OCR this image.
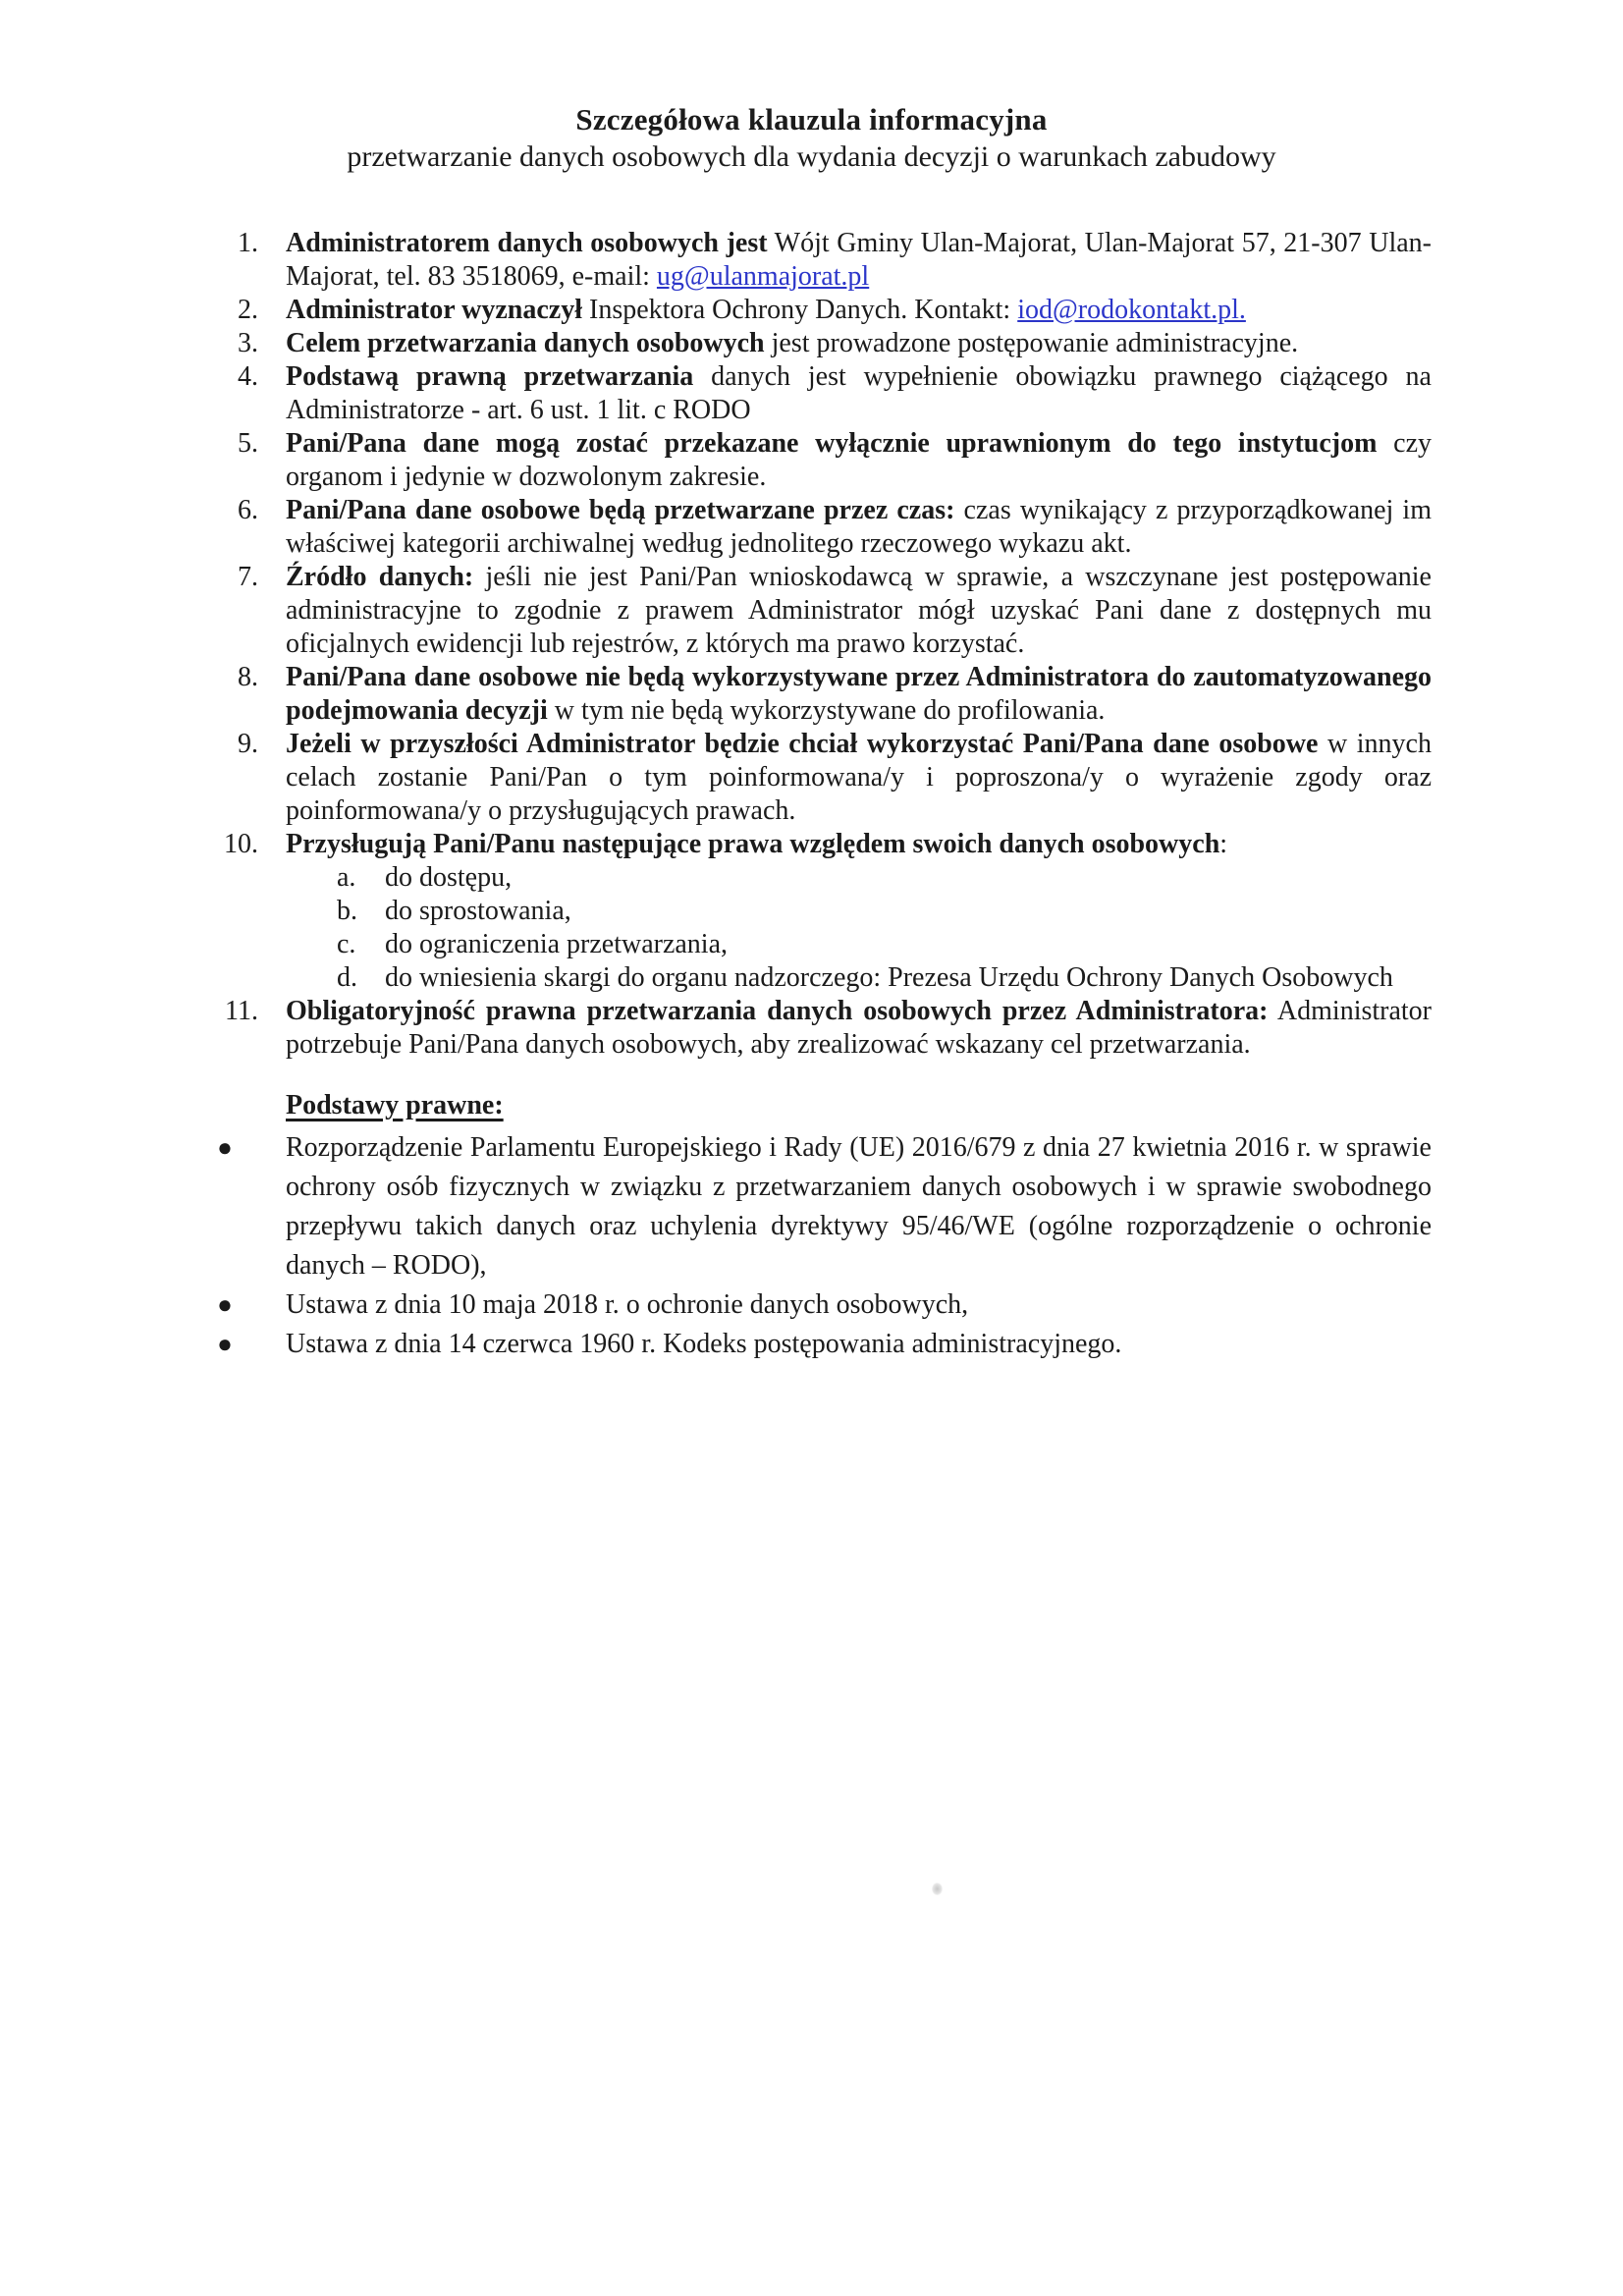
Szczegółowa klauzula informacyjna
przetwarzanie danych osobowych dla wydania decyzji o warunkach zabudowy
1.	Administratorem danych osobowych jest Wójt Gminy Ulan-Majorat, Ulan-Majorat 57, 21-307 Ulan-Majorat, tel. 83 3518069, e-mail: ug@ulanmajorat.pl
2.	Administrator wyznaczył Inspektora Ochrony Danych. Kontakt: iod@rodokontakt.pl.
3.	Celem przetwarzania danych osobowych jest prowadzone postępowanie administracyjne.
4.	Podstawą prawną przetwarzania danych jest wypełnienie obowiązku prawnego ciążącego na Administratorze - art. 6 ust. 1 lit. c RODO
5.	Pani/Pana dane mogą zostać przekazane wyłącznie uprawnionym do tego instytucjom czy organom i jedynie w dozwolonym zakresie.
6.	Pani/Pana dane osobowe będą przetwarzane przez czas: czas wynikający z przyporządkowanej im właściwej kategorii archiwalnej według jednolitego rzeczowego wykazu akt.
7.	Źródło danych: jeśli nie jest Pani/Pan wnioskodawcą w sprawie, a wszczynane jest postępowanie administracyjne to zgodnie z prawem Administrator mógł uzyskać Pani dane z dostępnych mu oficjalnych ewidencji lub rejestrów, z których ma prawo korzystać.
8.	Pani/Pana dane osobowe nie będą wykorzystywane przez Administratora do zautomatyzowanego podejmowania decyzji w tym nie będą wykorzystywane do profilowania.
9.	Jeżeli w przyszłości Administrator będzie chciał wykorzystać Pani/Pana dane osobowe w innych celach zostanie Pani/Pan o tym poinformowana/y i poproszona/y o wyrażenie zgody oraz poinformowana/y o przysługujących prawach.
10.	Przysługują Pani/Panu następujące prawa względem swoich danych osobowych:
a.	do dostępu,
b.	do sprostowania,
c.	do ograniczenia przetwarzania,
d.	do wniesienia skargi do organu nadzorczego: Prezesa Urzędu Ochrony Danych Osobowych
11.	Obligatoryjność prawna przetwarzania danych osobowych przez Administratora: Administrator potrzebuje Pani/Pana danych osobowych, aby zrealizować wskazany cel przetwarzania.
Podstawy prawne:
●	Rozporządzenie Parlamentu Europejskiego i Rady (UE) 2016/679 z dnia 27 kwietnia 2016 r. w sprawie ochrony osób fizycznych w związku z przetwarzaniem danych osobowych i w sprawie swobodnego przepływu takich danych oraz uchylenia dyrektywy 95/46/WE (ogólne rozporządzenie o ochronie danych – RODO),
●	Ustawa z dnia 10 maja 2018 r. o ochronie danych osobowych,
●	Ustawa z dnia 14 czerwca 1960 r. Kodeks postępowania administracyjnego.
